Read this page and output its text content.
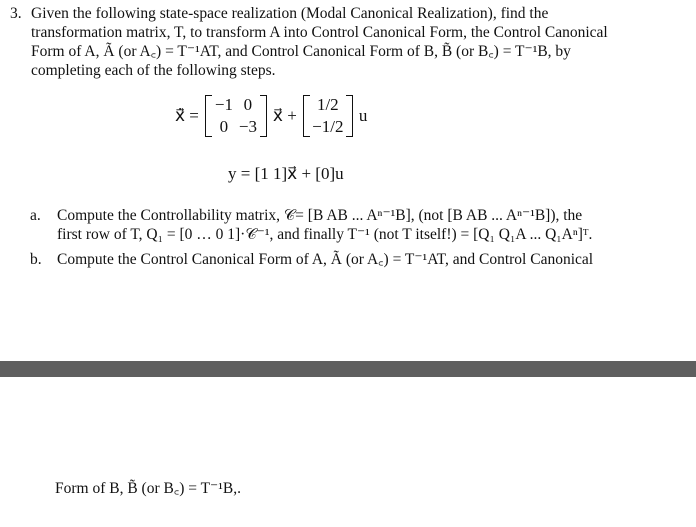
3. Given the following state-space realization (Modal Canonical Realization), find the
transformation matrix, T, to transform A into Control Canonical Form, the Control Canonical
Form of A, Ã (or A꜀) = T⁻¹AT, and Control Canonical Form of B, B̃ (or B꜀) = T⁻¹B, by
completing each of the following steps.
x⃗̇ =
−1 0
0 −3
x⃗ +
1/2
−1/2
u
y = [1 1]x⃗ + [0]u
a. Compute the Controllability matrix, 𝒞= [B AB ... Aⁿ⁻¹B], (not [B AB ... Aⁿ⁻¹B]), the
first row of T, Q₁ = [0 … 0 1]·𝒞⁻¹, and finally T⁻¹ (not T itself!) = [Q₁ Q₁A ... Q₁Aⁿ]ᵀ.
b. Compute the Control Canonical Form of A, Ã (or A꜀) = T⁻¹AT, and Control Canonical
Form of B, B̃ (or B꜀) = T⁻¹B,.
